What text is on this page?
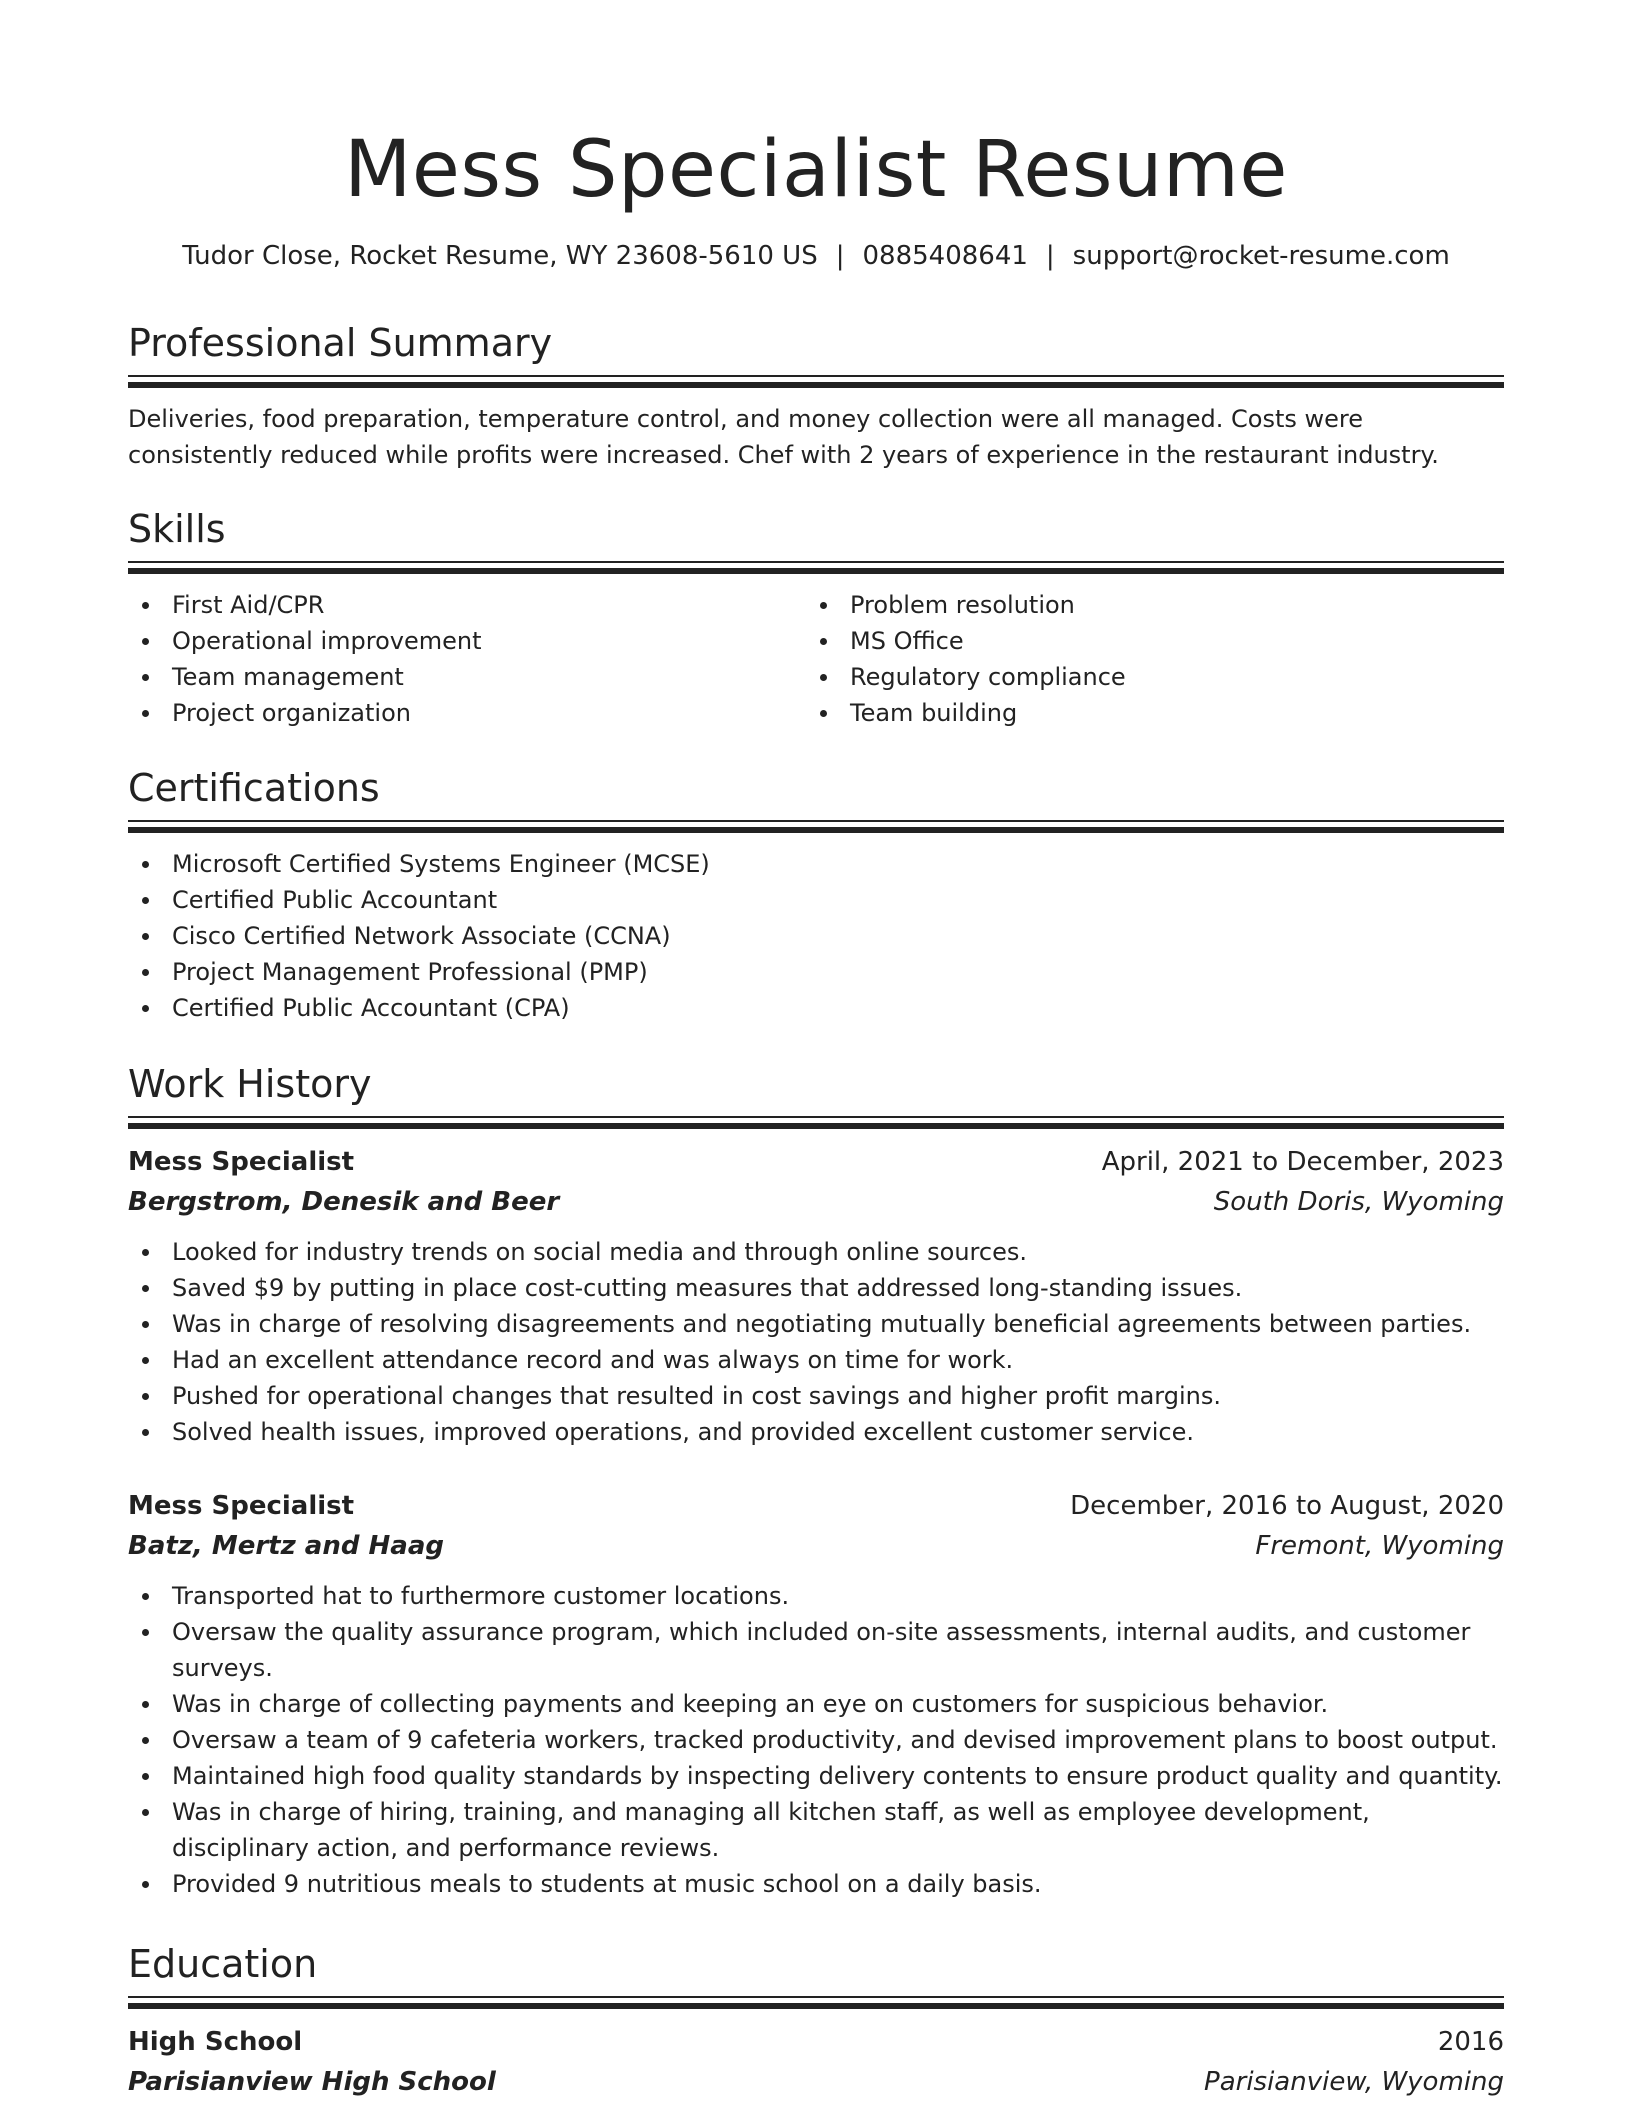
Mess Specialist Resume
Tudor Close, Rocket Resume, WY 23608-5610 US | 0885408641 | support@rocket-resume.com
Professional Summary

Deliveries, food preparation, temperature control, and money collection were all managed. Costs were consistently reduced while profits were increased. Chef with 2 years of experience in the restaurant industry.

Skills
First Aid/CPR
Operational improvement
Team management
Project organization
Problem resolution
MS Office
Regulatory compliance
Team building
Certifications
Microsoft Certified Systems Engineer (MCSE)
Certified Public Accountant
Cisco Certified Network Associate (CCNA)
Project Management Professional (PMP)
Certified Public Accountant (CPA)
Work History
Mess Specialist	April, 2021 to December, 2023
Bergstrom, Denesik and Beer	South Doris, Wyoming
Looked for industry trends on social media and through online sources.
Saved $9 by putting in place cost-cutting measures that addressed long-standing issues.
Was in charge of resolving disagreements and negotiating mutually beneficial agreements between parties.
Had an excellent attendance record and was always on time for work.
Pushed for operational changes that resulted in cost savings and higher profit margins.
Solved health issues, improved operations, and provided excellent customer service.
Mess Specialist	December, 2016 to August, 2020
Batz, Mertz and Haag	Fremont, Wyoming
Transported hat to furthermore customer locations.
Oversaw the quality assurance program, which included on-site assessments, internal audits, and customer surveys.
Was in charge of collecting payments and keeping an eye on customers for suspicious behavior.
Oversaw a team of 9 cafeteria workers, tracked productivity, and devised improvement plans to boost output.
Maintained high food quality standards by inspecting delivery contents to ensure product quality and quantity.
Was in charge of hiring, training, and managing all kitchen staff, as well as employee development, disciplinary action, and performance reviews.
Provided 9 nutritious meals to students at music school on a daily basis.
Education
High School	2016
Parisianview High School	Parisianview, Wyoming
